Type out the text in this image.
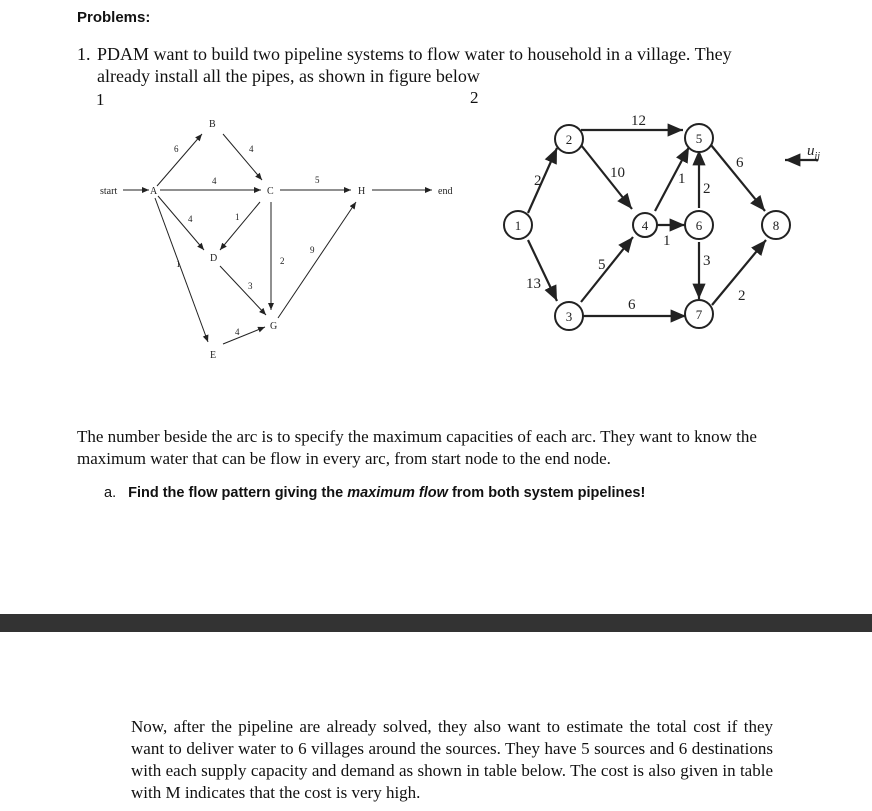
Problems:
1. PDAM want to build two pipeline systems to flow water to household in a village. They already install all the pipes, as shown in figure below
1	2
start	A
B
C
D
E
G
H	end
6	4
4
4
1
1
3
4
2
5
9
1
2
3
4
5
6
7
8
2
13
12
10
5
6
1
1
2
3
6
2
$u_{ij}$
The number beside the arc is to specify the maximum capacities of each arc. They want to know the maximum water that can be flow in every arc, from start node to the end node.
a. Find the flow pattern giving the maximum flow from both system pipelines!
Now, after the pipeline are already solved, they also want to estimate the total cost if they want to deliver water to 6 villages around the sources. They have 5 sources and 6 destinations with each supply capacity and demand as shown in table below. The cost is also given in table with M indicates that the cost is very high.
